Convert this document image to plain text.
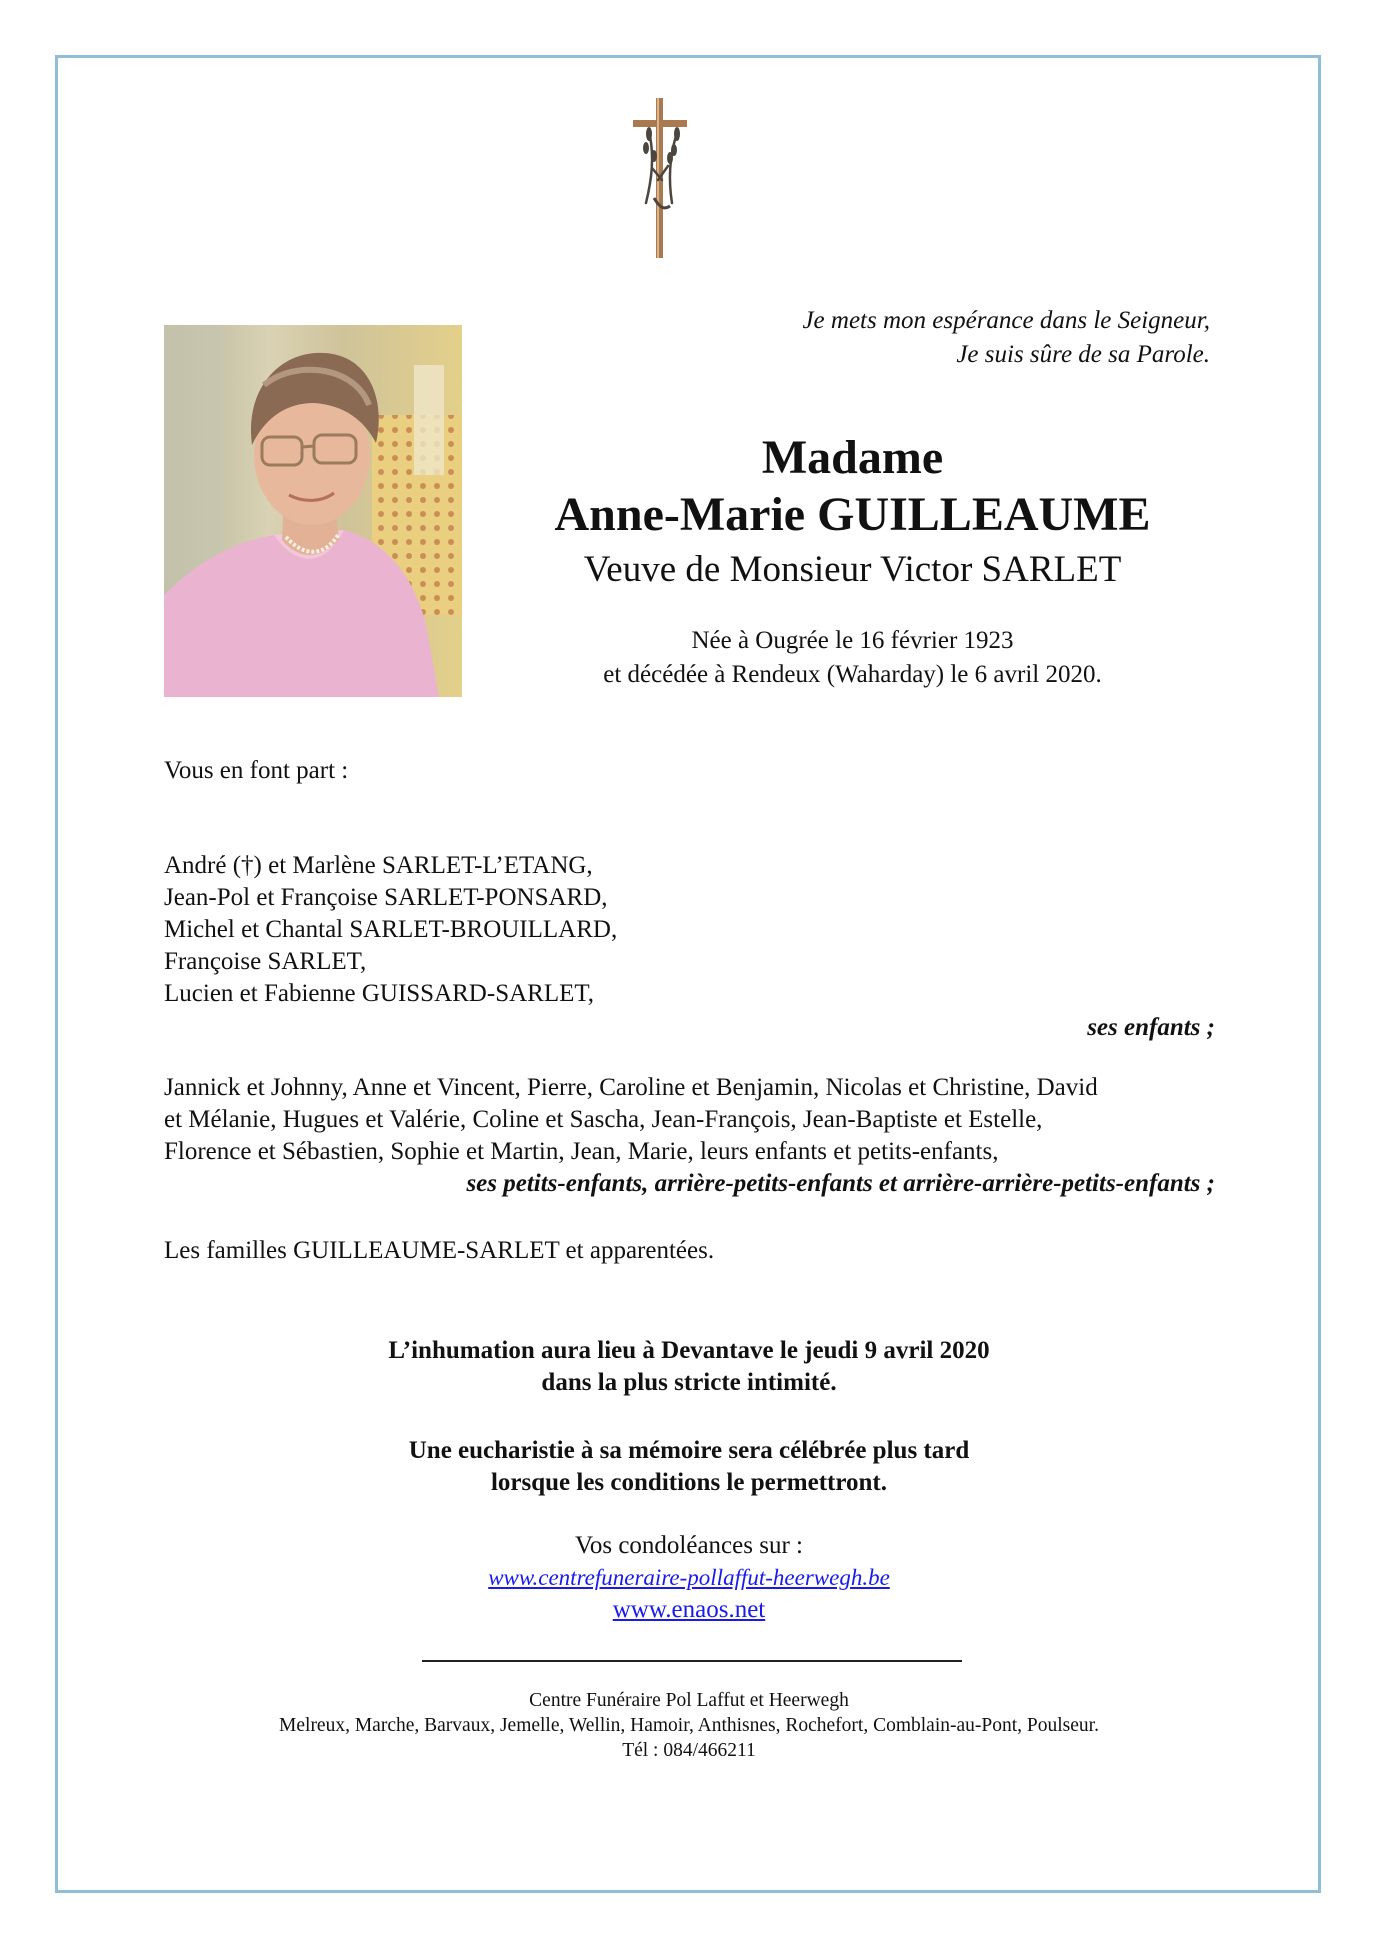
Je mets mon espérance dans le Seigneur,
Je suis sûre de sa Parole.
Madame
Anne-Marie GUILLEAUME
Veuve de Monsieur Victor SARLET
Née à Ougrée le 16 février 1923
et décédée à Rendeux (Waharday) le 6 avril 2020.
Vous en font part :
André (†) et Marlène SARLET-L’ETANG,
Jean-Pol et Françoise SARLET-PONSARD,
Michel et Chantal SARLET-BROUILLARD,
Françoise SARLET,
Lucien et Fabienne GUISSARD-SARLET,
ses enfants ;
Jannick et Johnny, Anne et Vincent, Pierre, Caroline et Benjamin, Nicolas et Christine, David
et Mélanie, Hugues et Valérie, Coline et Sascha, Jean-François, Jean-Baptiste et Estelle,
Florence et Sébastien, Sophie et Martin, Jean, Marie, leurs enfants et petits-enfants,
ses petits-enfants, arrière-petits-enfants et arrière-arrière-petits-enfants ;
Les familles GUILLEAUME-SARLET et apparentées.
L’inhumation aura lieu à Devantave le jeudi 9 avril 2020
dans la plus stricte intimité.
Une eucharistie à sa mémoire sera célébrée plus tard
lorsque les conditions le permettront.
Vos condoléances sur :
www.centrefuneraire-pollaffut-heerwegh.be
www.enaos.net
Centre Funéraire Pol Laffut et Heerwegh
Melreux, Marche, Barvaux, Jemelle, Wellin, Hamoir, Anthisnes, Rochefort, Comblain-au-Pont, Poulseur.
Tél : 084/466211
